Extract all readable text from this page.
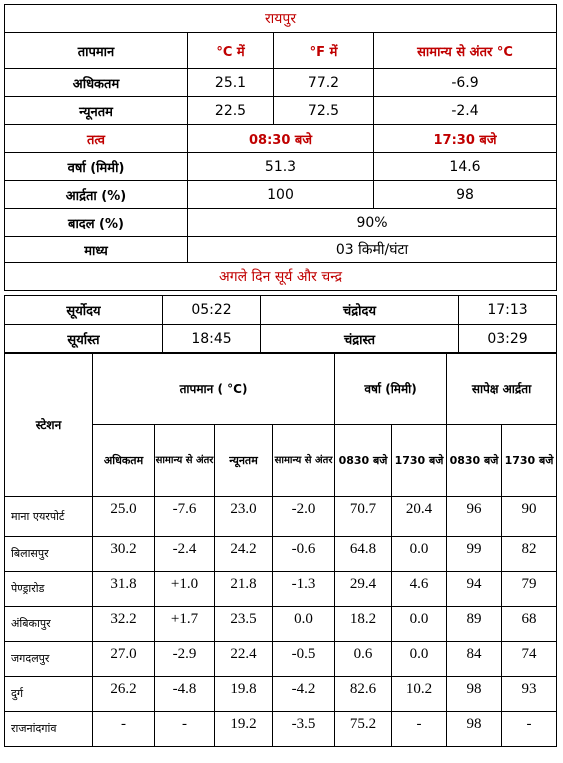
रायपुर			
तापमान	°C में	°F में	सामान्य से अंतर °C
अधिकतम	25.1	77.2	-6.9
न्यूनतम	22.5	72.5	-2.4
तत्व	08:30 बजे		17:30 बजे
वर्षा (मिमी)	51.3		14.6
आर्द्रता (%)	100		98
बादल (%)	90%		
माध्य	03 किमी/घंटा		
अगले दिन सूर्य और चन्द्र			
सूर्योदय	05:22	चंद्रोदय	17:13
सूर्यास्त	18:45	चंद्रास्त	03:29
स्टेशन	तापमान ( °C)				वर्षा (मिमी)		सापेक्ष आर्द्रता	
	अधिकतम	सामान्य से अंतर	न्यूनतम	सामान्य से अंतर	0830 बजे	1730 बजे	0830 बजे	1730 बजे
माना एयरपोर्ट	25.0	-7.6	23.0	-2.0	70.7	20.4	96	90
बिलासपुर	30.2	-2.4	24.2	-0.6	64.8	0.0	99	82
पेण्ड्रारोड	31.8	+1.0	21.8	-1.3	29.4	4.6	94	79
अंबिकापुर	32.2	+1.7	23.5	0.0	18.2	0.0	89	68
जगदलपुर	27.0	-2.9	22.4	-0.5	0.6	0.0	84	74
दुर्ग	26.2	-4.8	19.8	-4.2	82.6	10.2	98	93
राजनांदगांव	-	-	19.2	-3.5	75.2	-	98	-
